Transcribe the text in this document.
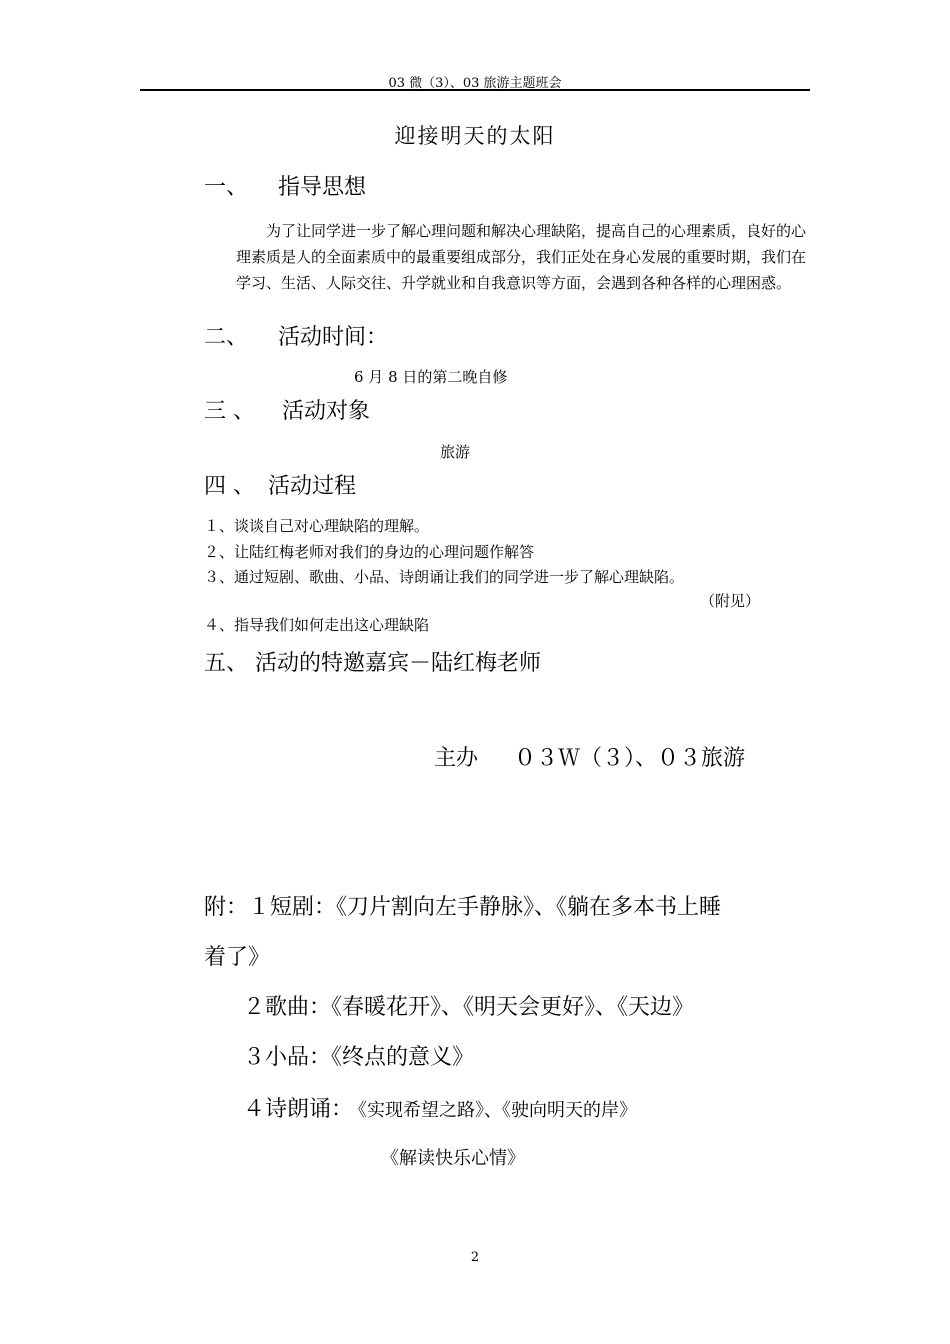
03 微（3）、03 旅游主题班会
迎接明天的太阳
一、 指导思想
为了让同学进一步了解心理问题和解决心理缺陷，提高自己的心理素质，良好的心理素质是人的全面素质中的最重要组成部分，我们正处在身心发展的重要时期，我们在学习、生活、人际交往、升学就业和自我意识等方面，会遇到各种各样的心理困惑。
二、 活动时间：
6 月 8 日的第二晚自修
三 、 活动对象
旅游
四 、 活动过程
１、谈谈自己对心理缺陷的理解。
２、让陆红梅老师对我们的身边的心理问题作解答
３、通过短剧、歌曲、小品、诗朗诵让我们的同学进一步了解心理缺陷。
（附见）
４、指导我们如何走出这心理缺陷
五、 活动的特邀嘉宾－陆红梅老师
主办 ０３Ｗ（３）、０３旅游
附：１短剧：《刀片割向左手静脉》、《躺在多本书上睡
着了》
２歌曲：《春暖花开》、《明天会更好》、《天边》
３小品：《终点的意义》
４诗朗诵：
《实现希望之路》、《驶向明天的岸》
《解读快乐心情》
2
